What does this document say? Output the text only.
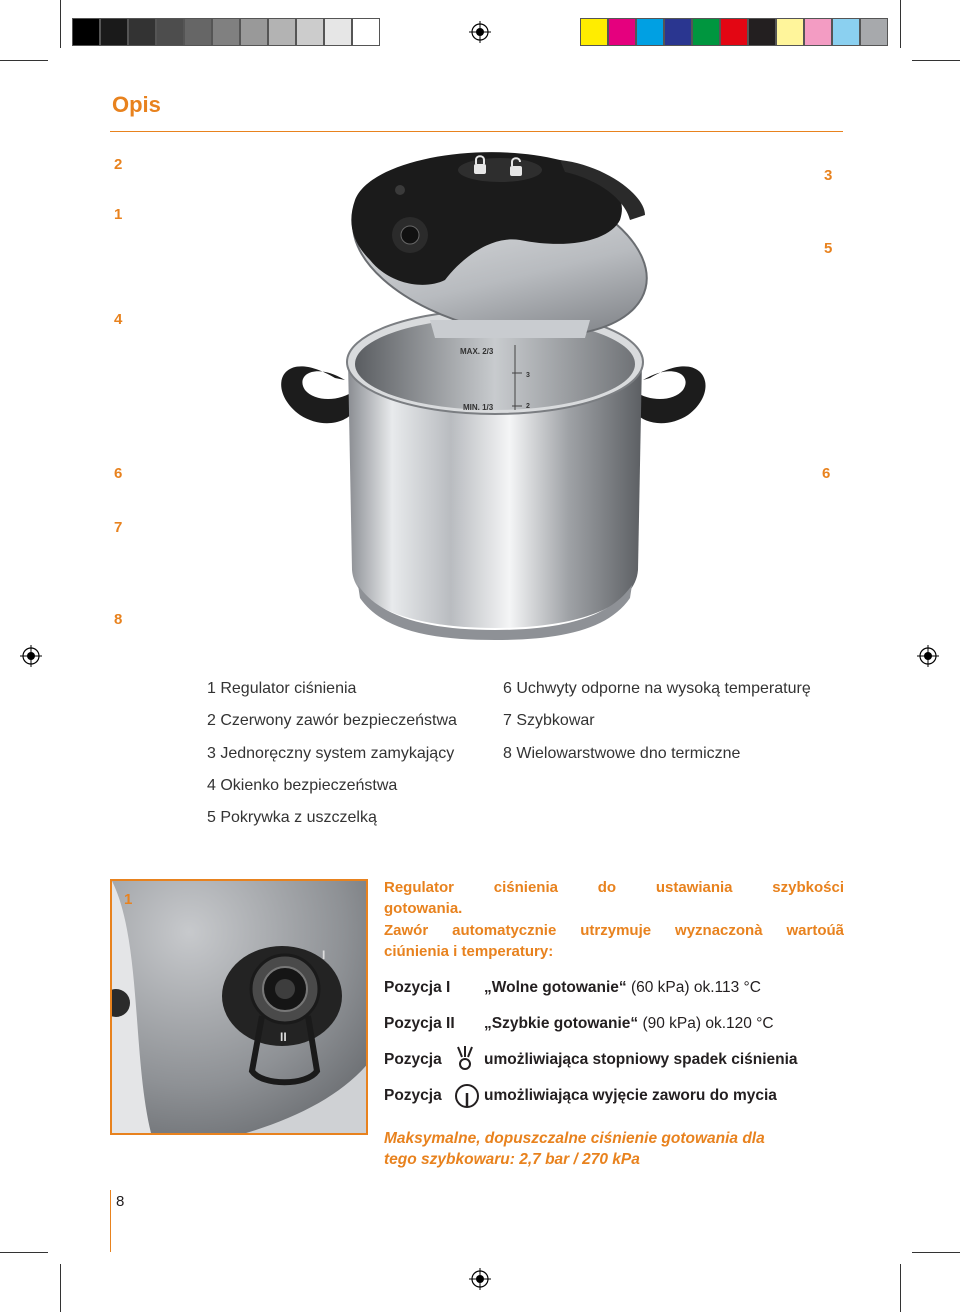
Opis
2
1
3
5
4
6	6
7
8
MAX. 2/3
MIN. 1/3
3
2
1 Regulator ciśnienia
2 Czerwony zawór bezpieczeństwa
3 Jednoręczny system zamykający
4 Okienko bezpieczeństwa
5 Pokrywka z uszczelką
6 Uchwyty odporne na wysoką temperaturę
7 Szybkowar
8 Wielowarstwowe dno termiczne
II
I
1
Regulator ciśnienia do ustawiania szybkości
gotowania.
Zawór automatycznie utrzymuje wyznaczonà wartoúã
ciúnienia i temperatury:
Pozycja I „Wolne gotowanie“ (60 kPa) ok.113 °C
Pozycja II „Szybkie gotowanie“ (90 kPa) ok.120 °C
Pozycja	umożliwiająca stopniowy spadek ciśnienia
Pozycja	umożliwiająca wyjęcie zaworu do mycia
Maksymalne, dopuszczalne ciśnienie gotowania dla
tego szybkowaru: 2,7 bar / 270 kPa
8
